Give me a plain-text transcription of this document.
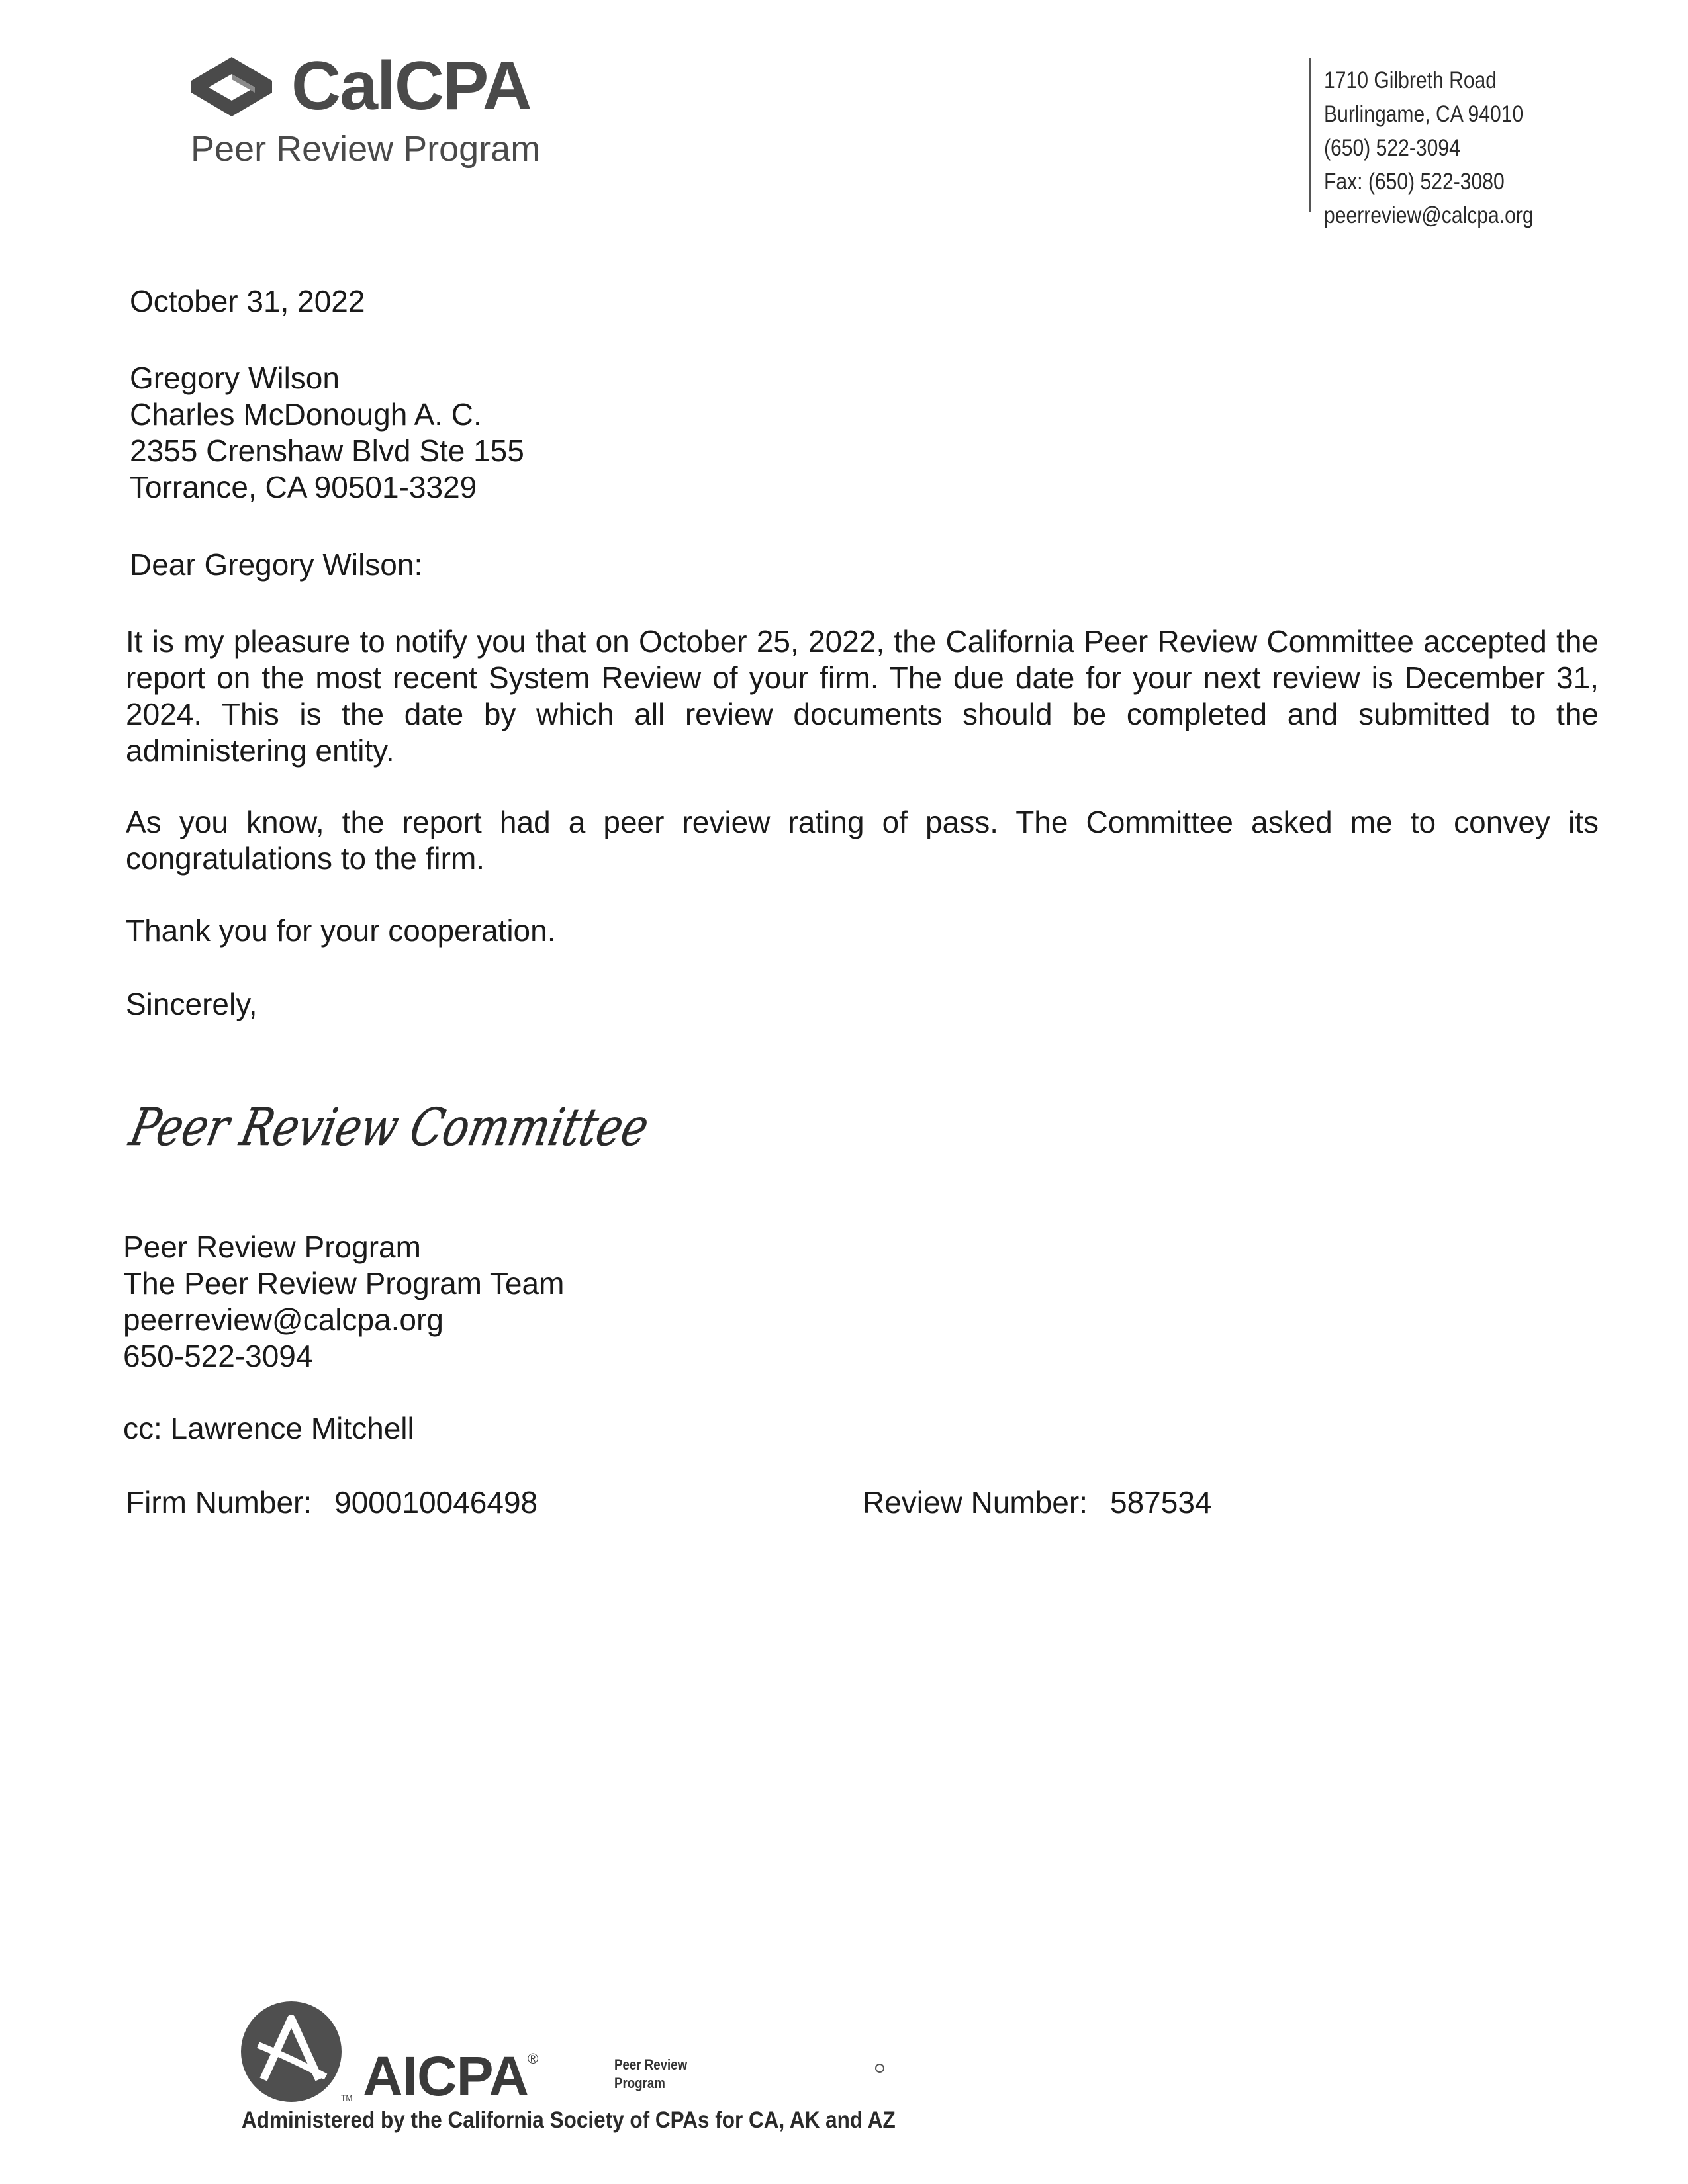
CalCPA
Peer Review Program
1710 Gilbreth Road
Burlingame, CA 94010
(650) 522-3094
Fax: (650) 522-3080
peerreview@calcpa.org
October 31, 2022
Gregory Wilson
Charles McDonough A. C.
2355 Crenshaw Blvd Ste 155
Torrance, CA 90501-3329
Dear Gregory Wilson:
It is my pleasure to notify you that on October 25, 2022, the California Peer Review Committee accepted the report on the most recent System Review of your firm. The due date for your next review is December 31, 2024. This is the date by which all review documents should be completed and submitted to the administering entity.
As you know, the report had a peer review rating of pass. The Committee asked me to convey its congratulations to the firm.
Thank you for your cooperation.
Sincerely,
Peer Review Committee
Peer Review Program
The Peer Review Program Team
peerreview@calcpa.org
650-522-3094
cc: Lawrence Mitchell
Firm Number: 900010046498	Review Number: 587534
TM AICPA
®	Peer Review
Program
Administered by the California Society of CPAs for CA, AK and AZ
